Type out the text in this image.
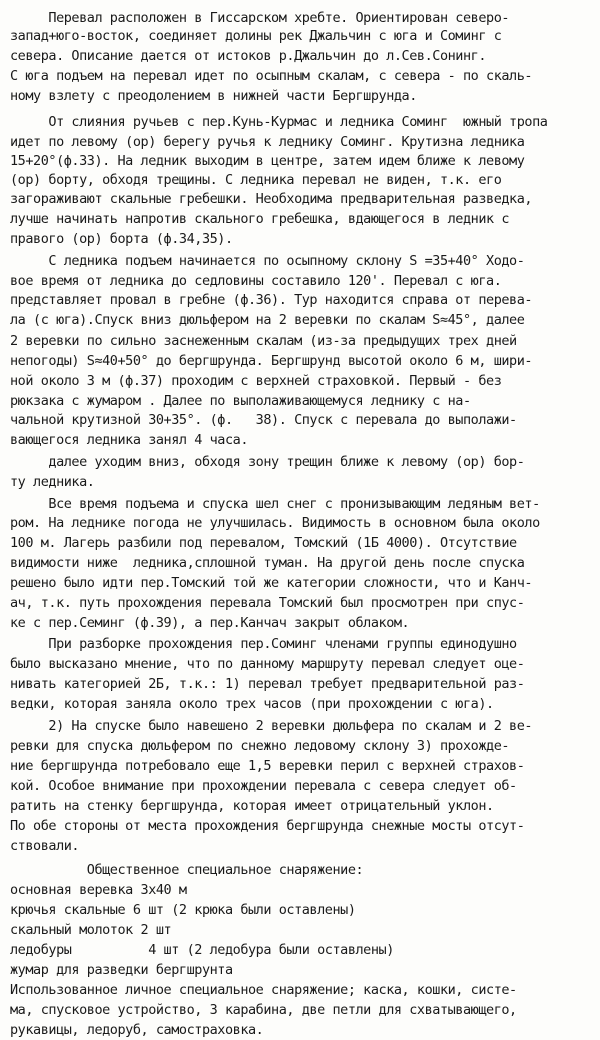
Перевал расположен в Гиссарском хребте. Ориентирован северо-
запад+юго-восток, соединяет долины рек Джальчин с юга и Соминг с
севера. Описание дается от истоков р.Джальчин до л.Сев.Сонинг.
С юга подъем на перевал идет по осыпным скалам, с севера - по скаль-
ному взлету с преодолением в нижней части Бергшрунда.
От слияния ручьев с пер.Кунь-Курмас и ледника Соминг  южный тропа
идет по левому (ор) берегу ручья к леднику Соминг. Крутизна ледника
15+20°(ф.33). На ледник выходим в центре, затем идем ближе к левому
(ор) борту, обходя трещины. С ледника перевал не виден, т.к. его
загораживают скальные гребешки. Необходима предварительная разведка,
лучше начинать напротив скального гребешка, вдающегося в ледник с
правого (ор) борта (ф.34,35).
С ледника подъем начинается по осыпному склону S =35+40° Ходо-
вое время от ледника до седловины составило 120'. Перевал с юга.
представляет провал в гребне (ф.36). Тур находится справа от перева-
ла (с юга).Спуск вниз дюльфером на 2 веревки по скалам S≈45°, далее
2 веревки по сильно заснеженным скалам (из-за предыдущих трех дней
непогоды) S≈40+50° до бергшрунда. Бергшрунд высотой около 6 м, шири-
ной около 3 м (ф.37) проходим с верхней страховкой. Первый - без
рюкзака с жумаром . Далее по выполаживающемуся леднику с на-
чальной крутизной 30+35°. (ф.   38). Спуск с перевала до выполажи-
вающегося ледника занял 4 часа.
далее уходим вниз, обходя зону трещин ближе к левому (ор) бор-
ту ледника.
Все время подъема и спуска шел снег с пронизывающим ледяным вет-
ром. На леднике погода не улучшилась. Видимость в основном была около
100 м. Лагерь разбили под перевалом, Томский (1Б 4000). Отсутствие
видимости ниже  ледника,сплошной туман. На другой день после спуска
решено было идти пер.Томский той же категории сложности, что и Канч-
ач, т.к. путь прохождения перевала Томский был просмотрен при спус-
ке с пер.Семинг (ф.39), а пер.Канчач закрыт облаком.
При разборке прохождения пер.Соминг членами группы единодушно
было высказано мнение, что по данному маршруту перевал следует оце-
нивать категорией 2Б, т.к.: 1) перевал требует предварительной раз-
ведки, которая заняла около трех часов (при прохождении с юга).
2) На спуске было навешено 2 веревки дюльфера по скалам и 2 ве-
ревки для спуска дюльфером по снежно ледовому склону 3) прохожде-
ние бергшрунда потребовало еще 1,5 веревки перил с верхней страхов-
кой. Особое внимание при прохождении перевала с севера следует об-
ратить на стенку бергшрунда, которая имеет отрицательный уклон.
По обе стороны от места прохождения бергшрунда снежные мосты отсут-
ствовали.
Общественное специальное снаряжение:
основная веревка 3х40 м
крючья скальные 6 шт (2 крюка были оставлены)
скальный молоток 2 шт
ледобуры          4 шт (2 ледобура были оставлены)
жумар для разведки бергшрунта
Использованное личное специальное снаряжение; каска, кошки, систе-
ма, спусковое устройство, 3 карабина, две петли для схватывающего,
рукавицы, ледоруб, самостраховка.
